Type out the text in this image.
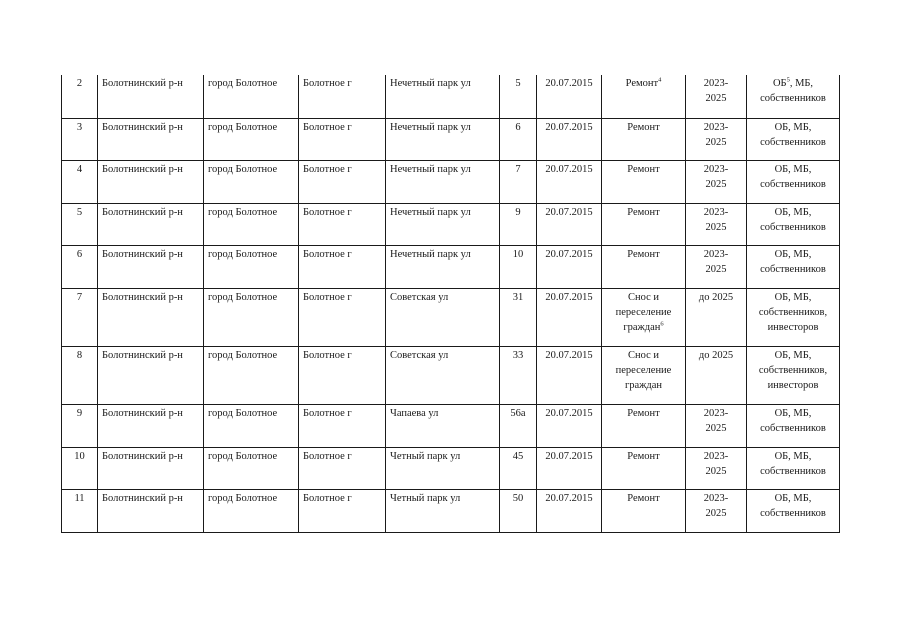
2	Болотнинский р-н	город Болотное	Болотное г	Нечетный парк ул	5	20.07.2015	Ремонт$^4$	2023-
2025	ОБ$^5$, МБ,
собственников

3	Болотнинский р-н	город Болотное	Болотное г	Нечетный парк ул	6	20.07.2015	Ремонт	2023-
2025	ОБ, МБ,
собственников

4	Болотнинский р-н	город Болотное	Болотное г	Нечетный парк ул	7	20.07.2015	Ремонт	2023-
2025	ОБ, МБ,
собственников

5	Болотнинский р-н	город Болотное	Болотное г	Нечетный парк ул	9	20.07.2015	Ремонт	2023-
2025	ОБ, МБ,
собственников

6	Болотнинский р-н	город Болотное	Болотное г	Нечетный парк ул	10	20.07.2015	Ремонт	2023-
2025	ОБ, МБ,
собственников

7	Болотнинский р-н	город Болотное	Болотное г	Советская ул	31	20.07.2015	Снос и
переселение
граждан$^6$	до 2025	ОБ, МБ,
собственников,
инвесторов

8	Болотнинский р-н	город Болотное	Болотное г	Советская ул	33	20.07.2015	Снос и
переселение
граждан	до 2025	ОБ, МБ,
собственников,
инвесторов

9	Болотнинский р-н	город Болотное	Болотное г	Чапаева ул	56а	20.07.2015	Ремонт	2023-
2025	ОБ, МБ,
собственников

10	Болотнинский р-н	город Болотное	Болотное г	Четный парк ул	45	20.07.2015	Ремонт	2023-
2025	ОБ, МБ,
собственников

11	Болотнинский р-н	город Болотное	Болотное г	Четный парк ул	50	20.07.2015	Ремонт	2023-
2025	ОБ, МБ,
собственников
